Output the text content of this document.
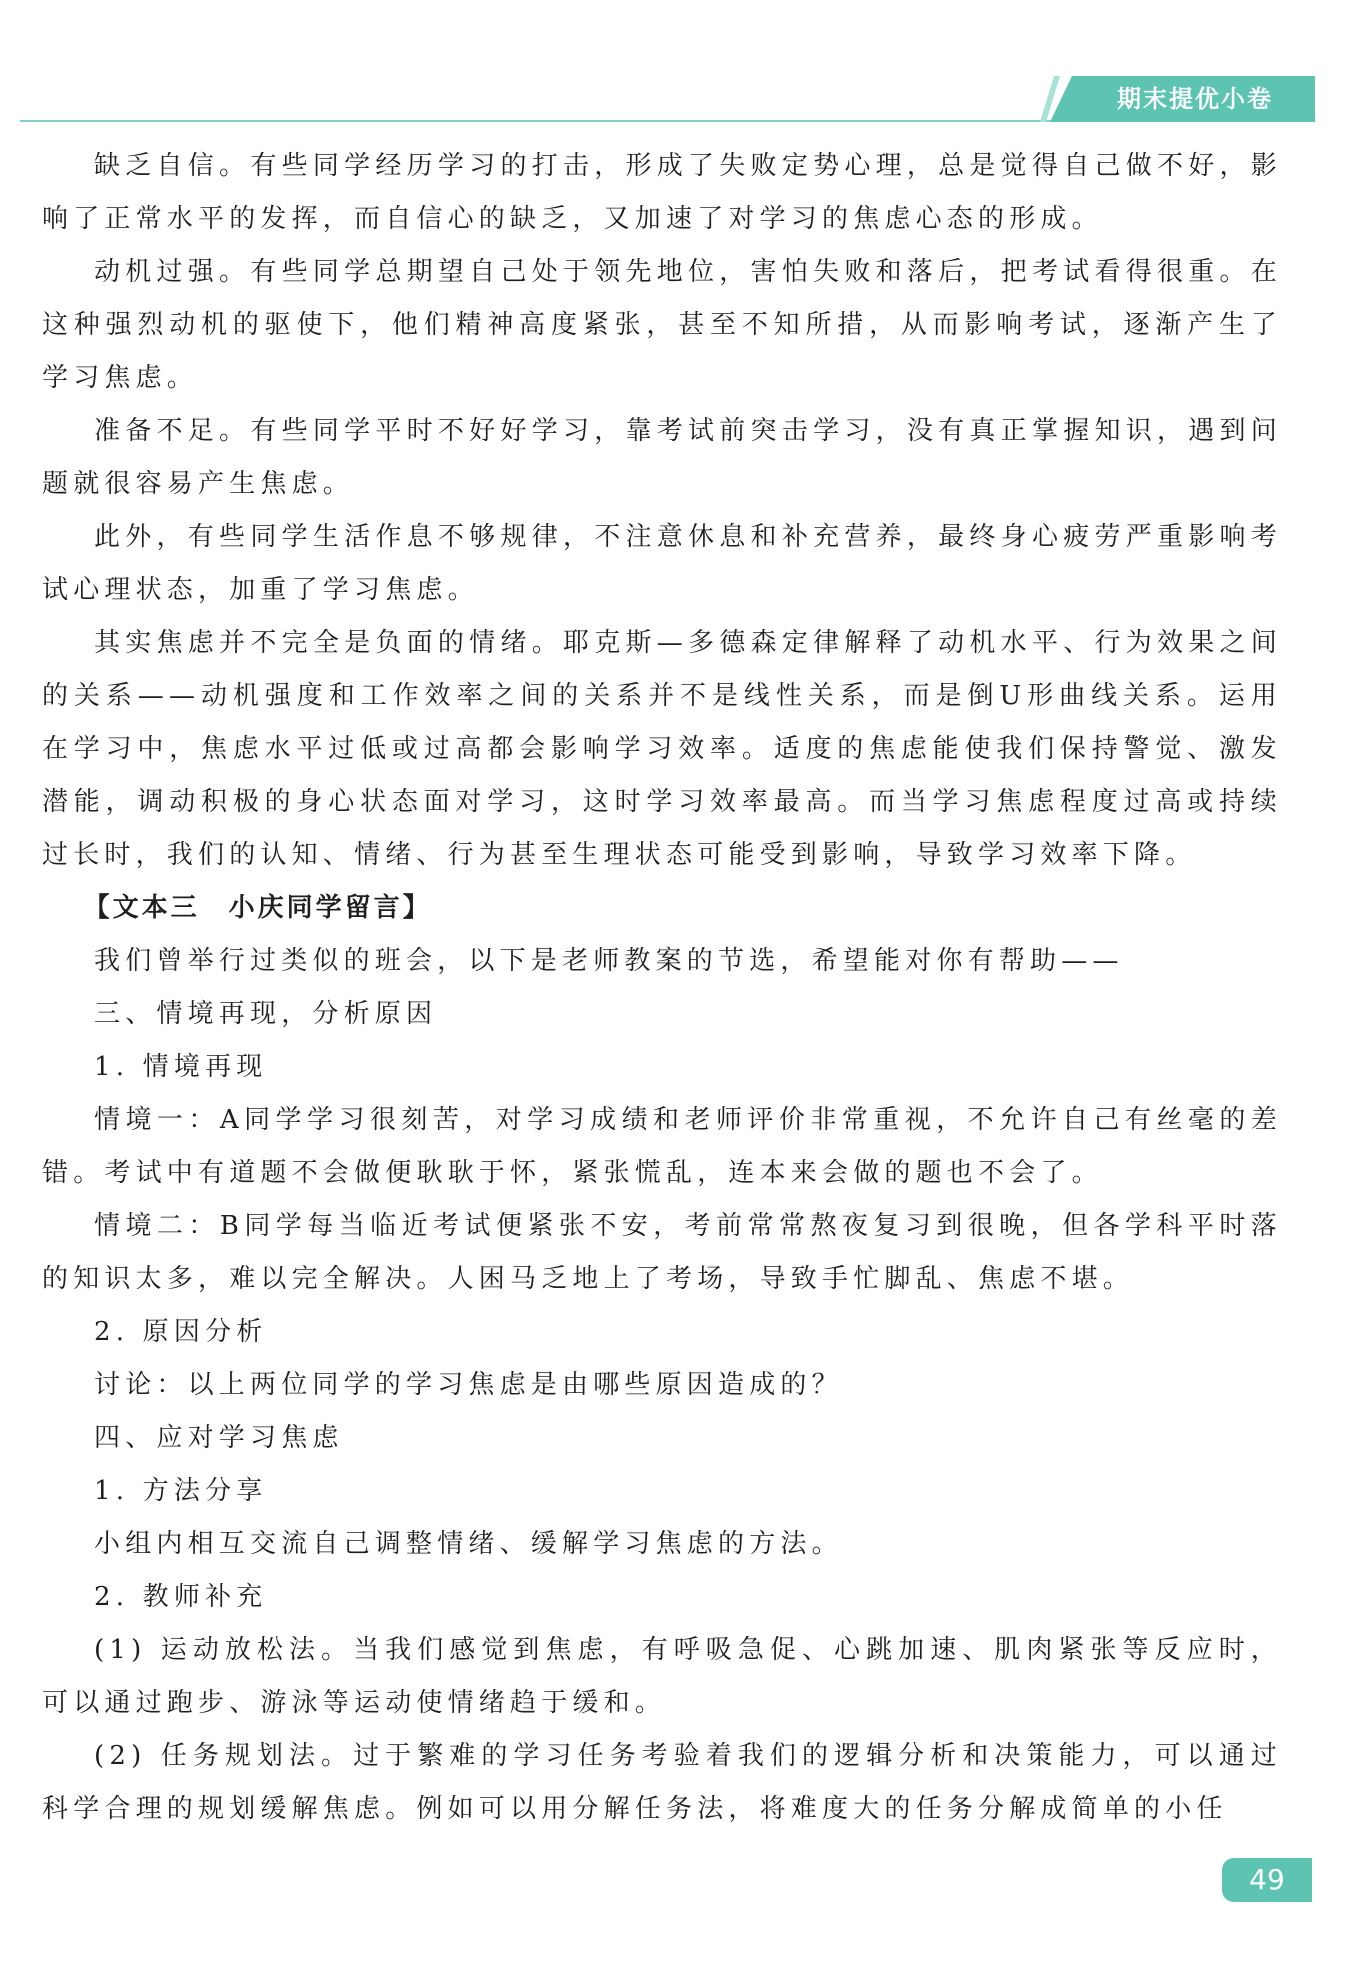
期末提优小卷

缺乏自信。有些同学经历学习的打击，形成了失败定势心理，总是觉得自己做不好，影响了正常水平的发挥，而自信心的缺乏，又加速了对学习的焦虑心态的形成。

动机过强。有些同学总期望自己处于领先地位，害怕失败和落后，把考试看得很重。在这种强烈动机的驱使下，他们精神高度紧张，甚至不知所措，从而影响考试，逐渐产生了学习焦虑。

准备不足。有些同学平时不好好学习，靠考试前突击学习，没有真正掌握知识，遇到问题就很容易产生焦虑。

此外，有些同学生活作息不够规律，不注意休息和补充营养，最终身心疲劳严重影响考试心理状态，加重了学习焦虑。

其实焦虑并不完全是负面的情绪。耶克斯—多德森定律解释了动机水平、行为效果之间的关系——动机强度和工作效率之间的关系并不是线性关系，而是倒U形曲线关系。运用在学习中，焦虑水平过低或过高都会影响学习效率。适度的焦虑能使我们保持警觉、激发潜能，调动积极的身心状态面对学习，这时学习效率最高。而当学习焦虑程度过高或持续过长时，我们的认知、情绪、行为甚至生理状态可能受到影响，导致学习效率下降。

【文本三　小庆同学留言】

我们曾举行过类似的班会，以下是老师教案的节选，希望能对你有帮助——

三、情境再现，分析原因

1. 情境再现

情境一：A同学学习很刻苦，对学习成绩和老师评价非常重视，不允许自己有丝毫的差错。考试中有道题不会做便耿耿于怀，紧张慌乱，连本来会做的题也不会了。

情境二：B同学每当临近考试便紧张不安，考前常常熬夜复习到很晚，但各学科平时落的知识太多，难以完全解决。人困马乏地上了考场，导致手忙脚乱、焦虑不堪。

2. 原因分析

讨论：以上两位同学的学习焦虑是由哪些原因造成的？

四、应对学习焦虑

1. 方法分享

小组内相互交流自己调整情绪、缓解学习焦虑的方法。

2. 教师补充

(1) 运动放松法。当我们感觉到焦虑，有呼吸急促、心跳加速、肌肉紧张等反应时，可以通过跑步、游泳等运动使情绪趋于缓和。

(2) 任务规划法。过于繁难的学习任务考验着我们的逻辑分析和决策能力，可以通过科学合理的规划缓解焦虑。例如可以用分解任务法，将难度大的任务分解成简单的小任

49
